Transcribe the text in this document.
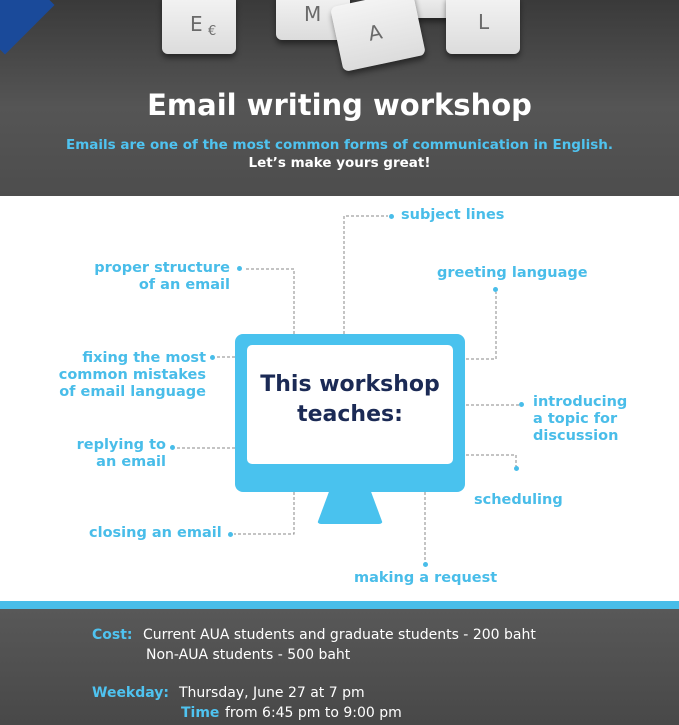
E €
M
A	L
Email writing workshop
Emails are one of the most common forms of communication in English.
Let’s make yours great!
subject lines
proper structure
of an email
greeting language
fixing the most
common mistakes
of email language
introducing
a topic for
discussion
replying to
an email
scheduling
closing an email
making a request
This workshop
teaches:
Cost: Current AUA students and graduate students - 200 baht
Non-AUA students - 500 baht
Weekday: Thursday, June 27 at 7 pm
Time from 6:45 pm to 9:00 pm
